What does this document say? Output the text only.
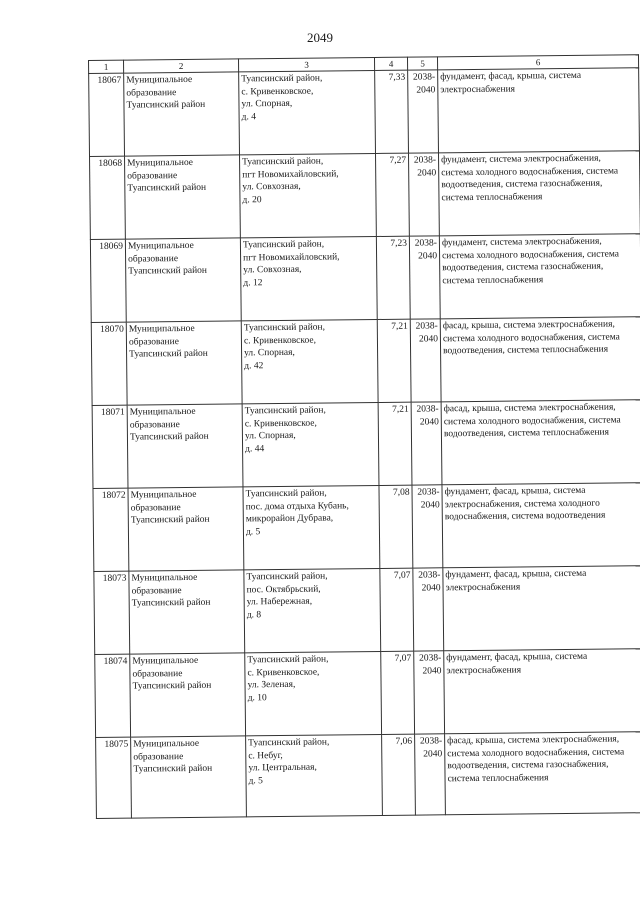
2049
1	2	3	4	5	6
18067	Муниципальное
образование
Туапсинский район	Туапсинский район,
с. Кривенковское,
ул. Спорная,
д. 4	7,33	2038-
2040	фундамент, фасад, крыша, система
электроснабжения

18068	Муниципальное
образование
Туапсинский район	Туапсинский район,
пгт Новомихайловский,
ул. Совхозная,
д. 20	7,27	2038-
2040	фундамент, система электроснабжения,
система холодного водоснабжения, система
водоотведения, система газоснабжения,
система теплоснабжения

18069	Муниципальное
образование
Туапсинский район	Туапсинский район,
пгт Новомихайловский,
ул. Совхозная,
д. 12	7,23	2038-
2040	фундамент, система электроснабжения,
система холодного водоснабжения, система
водоотведения, система газоснабжения,
система теплоснабжения

18070	Муниципальное
образование
Туапсинский район	Туапсинский район,
с. Кривенковское,
ул. Спорная,
д. 42	7,21	2038-
2040	фасад, крыша, система электроснабжения,
система холодного водоснабжения, система
водоотведения, система теплоснабжения

18071	Муниципальное
образование
Туапсинский район	Туапсинский район,
с. Кривенковское,
ул. Спорная,
д. 44	7,21	2038-
2040	фасад, крыша, система электроснабжения,
система холодного водоснабжения, система
водоотведения, система теплоснабжения

18072	Муниципальное
образование
Туапсинский район	Туапсинский район,
пос. дома отдыха Кубань,
микрорайон Дубрава,
д. 5	7,08	2038-
2040	фундамент, фасад, крыша, система
электроснабжения, система холодного
водоснабжения, система водоотведения

18073	Муниципальное
образование
Туапсинский район	Туапсинский район,
пос. Октябрьский,
ул. Набережная,
д. 8	7,07	2038-
2040	фундамент, фасад, крыша, система
электроснабжения

18074	Муниципальное
образование
Туапсинский район	Туапсинский район,
с. Кривенковское,
ул. Зеленая,
д. 10	7,07	2038-
2040	фундамент, фасад, крыша, система
электроснабжения

18075	Муниципальное
образование
Туапсинский район	Туапсинский район,
с. Небуг,
ул. Центральная,
д. 5	7,06	2038-
2040	фасад, крыша, система электроснабжения,
система холодного водоснабжения, система
водоотведения, система газоснабжения,
система теплоснабжения
